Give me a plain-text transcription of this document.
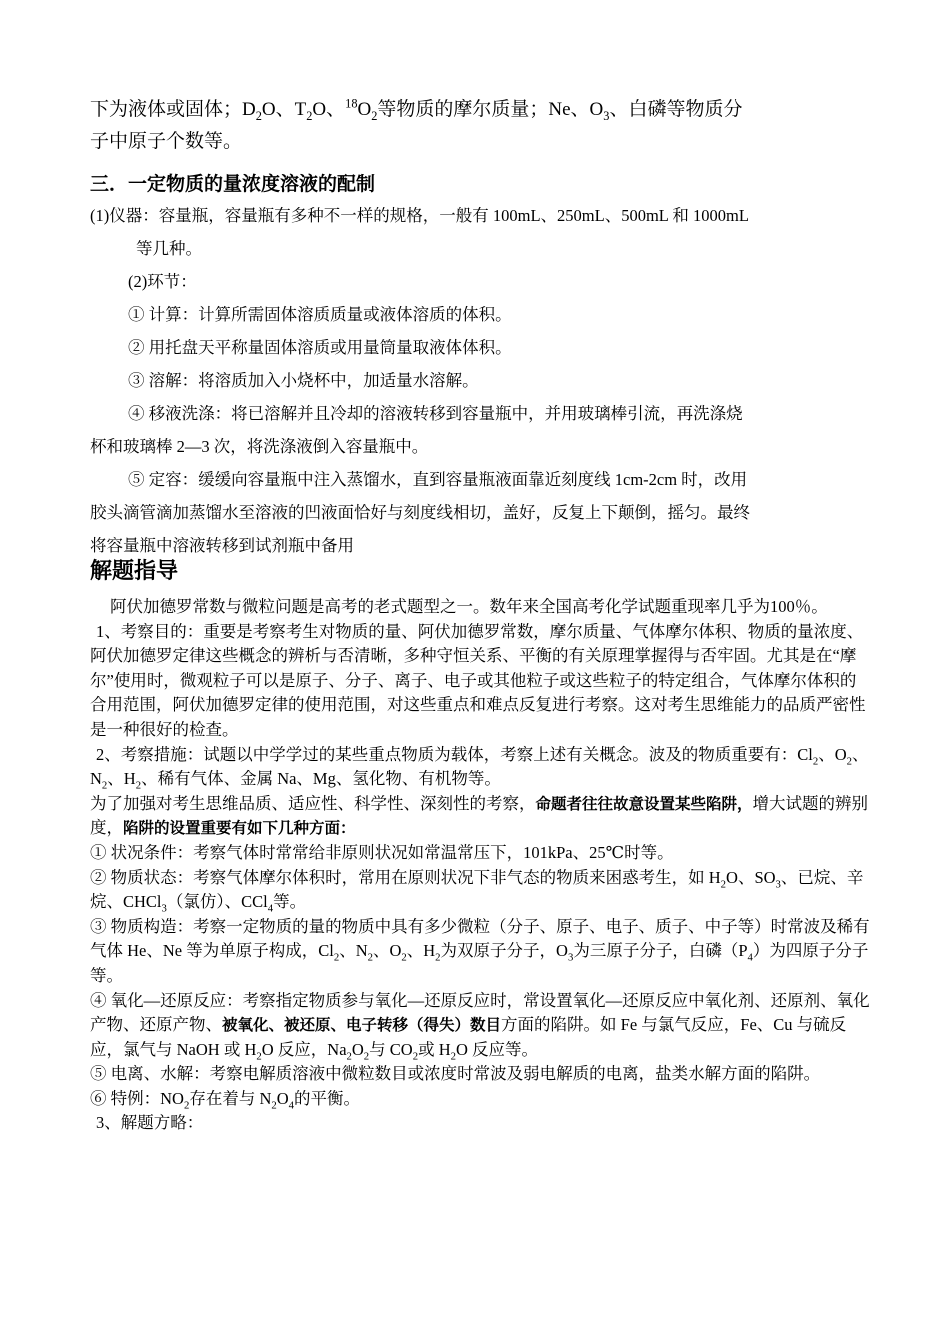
下为液体或固体；$D_2O$、$T_2O$、$^{18}O_2$等物质的摩尔质量；Ne、$O_3$、白磷等物质分
子中原子个数等。
三．一定物质的量浓度溶液的配制
(1)仪器：容量瓶，容量瓶有多种不一样的规格，一般有 100mL、250mL、500mL 和 1000mL
等几种。
(2)环节：
① 计算：计算所需固体溶质质量或液体溶质的体积。
② 用托盘天平称量固体溶质或用量筒量取液体体积。
③ 溶解：将溶质加入小烧杯中，加适量水溶解。
④ 移液洗涤：将已溶解并且冷却的溶液转移到容量瓶中，并用玻璃棒引流，再洗涤烧
杯和玻璃棒 2—3 次，将洗涤液倒入容量瓶中。
⑤ 定容：缓缓向容量瓶中注入蒸馏水，直到容量瓶液面靠近刻度线 1cm-2cm 时，改用
胶头滴管滴加蒸馏水至溶液的凹液面恰好与刻度线相切，盖好，反复上下颠倒，摇匀。最终
将容量瓶中溶液转移到试剂瓶中备用
解题指导
阿伏加德罗常数与微粒问题是高考的老式题型之一。数年来全国高考化学试题重现率几乎为100％。
1、考察目的：重要是考察考生对物质的量、阿伏加德罗常数，摩尔质量、气体摩尔体积、物质的量浓度、阿伏加德罗定律这些概念的辨析与否清晰，多种守恒关系、平衡的有关原理掌握得与否牢固。尤其是在“摩尔”使用时，微观粒子可以是原子、分子、离子、电子或其他粒子或这些粒子的特定组合，气体摩尔体积的合用范围，阿伏加德罗定律的使用范围，对这些重点和难点反复进行考察。这对考生思维能力的品质严密性是一种很好的检查。
2、考察措施：试题以中学学过的某些重点物质为载体，考察上述有关概念。波及的物质重要有：$Cl_2$、$O_2$、$N_2$、$H_2$、稀有气体、金属 Na、Mg、氢化物、有机物等。
为了加强对考生思维品质、适应性、科学性、深刻性的考察，命题者往往故意设置某些陷阱，增大试题的辨别度，陷阱的设置重要有如下几种方面：
① 状况条件：考察气体时常常给非原则状况如常温常压下，101kPa、25℃时等。
② 物质状态：考察气体摩尔体积时，常用在原则状况下非气态的物质来困惑考生，如 $H_2O$、$SO_3$、已烷、辛烷、CHCl$_3$（氯仿）、CCl$_4$等。
③ 物质构造：考察一定物质的量的物质中具有多少微粒（分子、原子、电子、质子、中子等）时常波及稀有气体 He、Ne 等为单原子构成，$Cl_2$、$N_2$、$O_2$、$H_2$为双原子分子，$O_3$为三原子分子，白磷$(P_4)$为四原子分子等。
④ 氧化—还原反应：考察指定物质参与氧化—还原反应时，常设置氧化—还原反应中氧化剂、还原剂、氧化产物、还原产物、被氧化、被还原、电子转移（得失）数目方面的陷阱。如 Fe 与氯气反应，Fe、Cu 与硫反应，氯气与 NaOH 或 $H_2O$ 反应，$Na_2O_2$与 $CO_2$或 $H_2O$ 反应等。
⑤ 电离、水解：考察电解质溶液中微粒数目或浓度时常波及弱电解质的电离，盐类水解方面的陷阱。
⑥ 特例：$NO_2$存在着与 $N_2O_4$的平衡。
3、解题方略：
